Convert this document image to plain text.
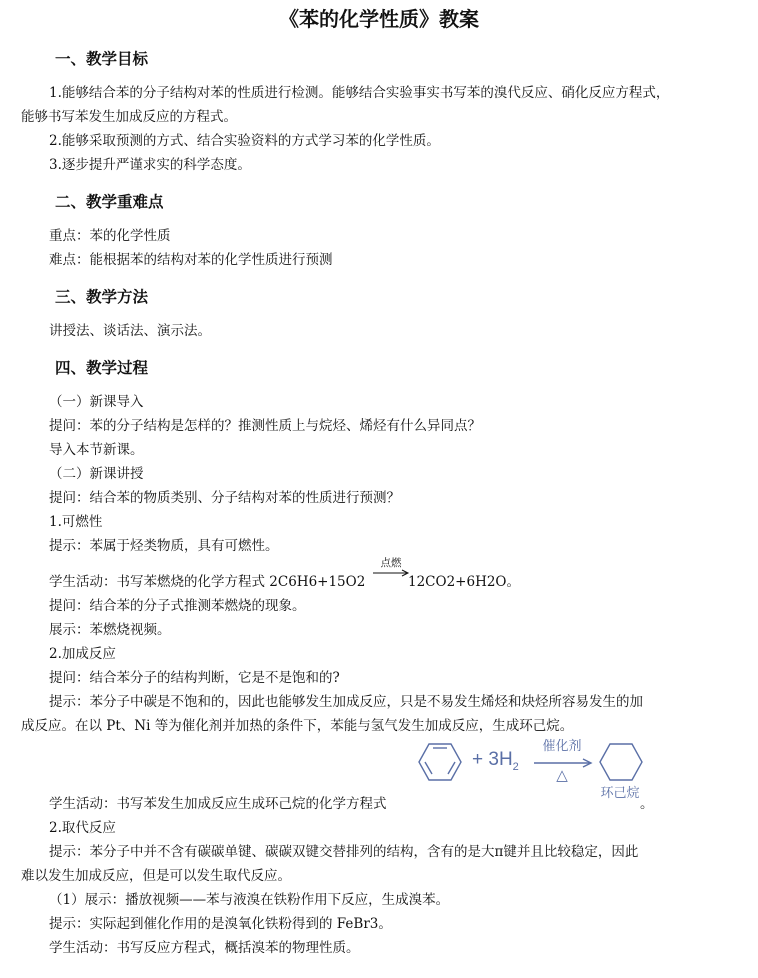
《苯的化学性质》教案
一、教学目标
1.能够结合苯的分子结构对苯的性质进行检测。能够结合实验事实书写苯的溴代反应、硝化反应方程式，
能够书写苯发生加成反应的方程式。
2.能够采取预测的方式、结合实验资料的方式学习苯的化学性质。
3.逐步提升严谨求实的科学态度。
二、教学重难点
重点：苯的化学性质
难点：能根据苯的结构对苯的化学性质进行预测
三、教学方法
讲授法、谈话法、演示法。
四、教学过程
（一）新课导入
提问：苯的分子结构是怎样的？推测性质上与烷烃、烯烃有什么异同点？
导入本节新课。
（二）新课讲授
提问：结合苯的物质类别、分子结构对苯的性质进行预测？
1.可燃性
提示：苯属于烃类物质，具有可燃性。
学生活动：书写苯燃烧的化学方程式 2C6H6+15O2
点燃
12CO2+6H2O。
提问：结合苯的分子式推测苯燃烧的现象。
展示：苯燃烧视频。
2.加成反应
提问：结合苯分子的结构判断，它是不是饱和的?
提示：苯分子中碳是不饱和的，因此也能够发生加成反应，只是不易发生烯烃和炔烃所容易发生的加
成反应。在以 Pt、Ni 等为催化剂并加热的条件下，苯能与氢气发生加成反应，生成环己烷。
+ $3H_2$
催化剂
△
环己烷
学生活动：书写苯发生加成反应生成环己烷的化学方程式	。
2.取代反应
提示：苯分子中并不含有碳碳单键、碳碳双键交替排列的结构，含有的是大π键并且比较稳定，因此
难以发生加成反应，但是可以发生取代反应。
（1）展示：播放视频——苯与液溴在铁粉作用下反应，生成溴苯。
提示：实际起到催化作用的是溴氧化铁粉得到的 FeBr3。
学生活动：书写反应方程式，概括溴苯的物理性质。
